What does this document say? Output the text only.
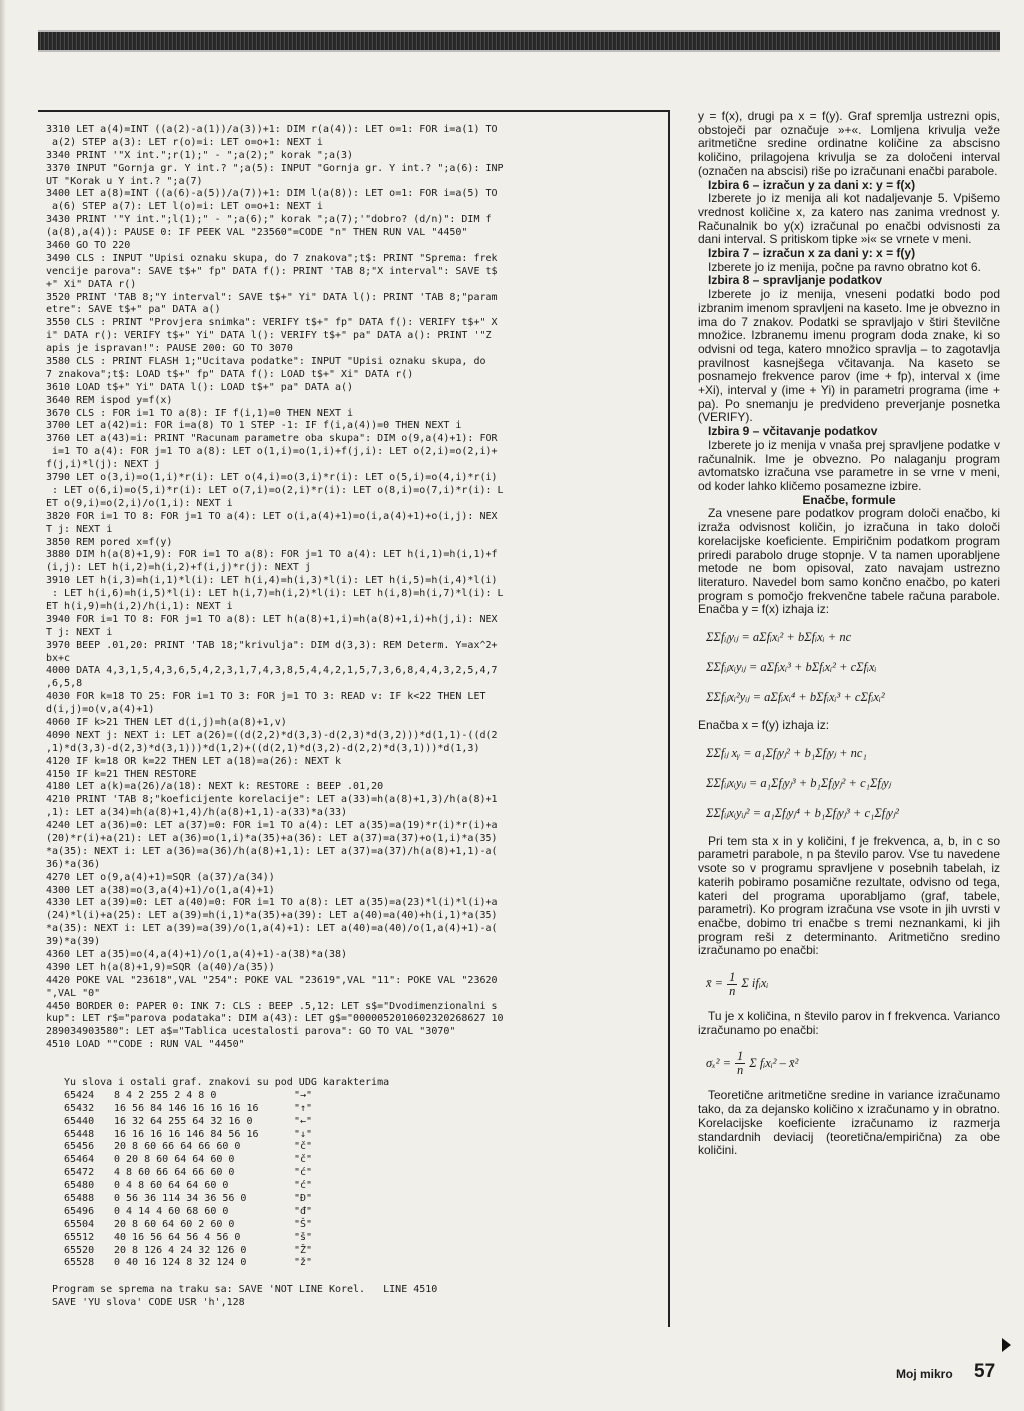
3310 LET a(4)=INT ((a(2)-a(1))/a(3))+1: DIM r(a(4)): LET o=1: FOR i=a(1) TO
a(2) STEP a(3): LET r(o)=i: LET o=o+1: NEXT i
3340 PRINT '"X int.";r(1);" - ";a(2);" korak ";a(3)
3370 INPUT "Gornja gr. Y int.? ";a(5): INPUT "Gornja gr. Y int.? ";a(6): INP
UT "Korak u Y int.? ";a(7)
3400 LET a(8)=INT ((a(6)-a(5))/a(7))+1: DIM l(a(8)): LET o=1: FOR i=a(5) TO
a(6) STEP a(7): LET l(o)=i: LET o=o+1: NEXT i
3430 PRINT '"Y int.";l(1);" - ";a(6);" korak ";a(7);'"dobro? (d/n)": DIM f
(a(8),a(4)): PAUSE 0: IF PEEK VAL "23560"=CODE "n" THEN RUN VAL "4450"
3460 GO TO 220
3490 CLS : INPUT "Upisi oznaku skupa, do 7 znakova";t$: PRINT "Sprema: frek
vencije parova": SAVE t$+" fp" DATA f(): PRINT 'TAB 8;"X interval": SAVE t$
+" Xi" DATA r()
3520 PRINT 'TAB 8;"Y interval": SAVE t$+" Yi" DATA l(): PRINT 'TAB 8;"param
etre": SAVE t$+" pa" DATA a()
3550 CLS : PRINT "Provjera snimka": VERIFY t$+" fp" DATA f(): VERIFY t$+" X
i" DATA r(): VERIFY t$+" Yi" DATA l(): VERIFY t$+" pa" DATA a(): PRINT '"Z
apis je ispravan!": PAUSE 200: GO TO 3070
3580 CLS : PRINT FLASH 1;"Ucitava podatke": INPUT "Upisi oznaku skupa, do
7 znakova";t$: LOAD t$+" fp" DATA f(): LOAD t$+" Xi" DATA r()
3610 LOAD t$+" Yi" DATA l(): LOAD t$+" pa" DATA a()
3640 REM ispod y=f(x)
3670 CLS : FOR i=1 TO a(8): IF f(i,1)=0 THEN NEXT i
3700 LET a(42)=i: FOR i=a(8) TO 1 STEP -1: IF f(i,a(4))=0 THEN NEXT i
3760 LET a(43)=i: PRINT "Racunam parametre oba skupa": DIM o(9,a(4)+1): FOR
i=1 TO a(4): FOR j=1 TO a(8): LET o(1,i)=o(1,i)+f(j,i): LET o(2,i)=o(2,i)+
f(j,i)*l(j): NEXT j
3790 LET o(3,i)=o(1,i)*r(i): LET o(4,i)=o(3,i)*r(i): LET o(5,i)=o(4,i)*r(i)
: LET o(6,i)=o(5,i)*r(i): LET o(7,i)=o(2,i)*r(i): LET o(8,i)=o(7,i)*r(i): L
ET o(9,i)=o(2,i)/o(1,i): NEXT i
3820 FOR i=1 TO 8: FOR j=1 TO a(4): LET o(i,a(4)+1)=o(i,a(4)+1)+o(i,j): NEX
T j: NEXT i
3850 REM pored x=f(y)
3880 DIM h(a(8)+1,9): FOR i=1 TO a(8): FOR j=1 TO a(4): LET h(i,1)=h(i,1)+f
(i,j): LET h(i,2)=h(i,2)+f(i,j)*r(j): NEXT j
3910 LET h(i,3)=h(i,1)*l(i): LET h(i,4)=h(i,3)*l(i): LET h(i,5)=h(i,4)*l(i)
: LET h(i,6)=h(i,5)*l(i): LET h(i,7)=h(i,2)*l(i): LET h(i,8)=h(i,7)*l(i): L
ET h(i,9)=h(i,2)/h(i,1): NEXT i
3940 FOR i=1 TO 8: FOR j=1 TO a(8): LET h(a(8)+1,i)=h(a(8)+1,i)+h(j,i): NEX
T j: NEXT i
3970 BEEP .01,20: PRINT 'TAB 18;"krivulja": DIM d(3,3): REM Determ. Y=ax^2+
bx+c
4000 DATA 4,3,1,5,4,3,6,5,4,2,3,1,7,4,3,8,5,4,4,2,1,5,7,3,6,8,4,4,3,2,5,4,7
,6,5,8
4030 FOR k=18 TO 25: FOR i=1 TO 3: FOR j=1 TO 3: READ v: IF k<22 THEN LET
d(i,j)=o(v,a(4)+1)
4060 IF k>21 THEN LET d(i,j)=h(a(8)+1,v)
4090 NEXT j: NEXT i: LET a(26)=((d(2,2)*d(3,3)-d(2,3)*d(3,2)))*d(1,1)-((d(2
,1)*d(3,3)-d(2,3)*d(3,1)))*d(1,2)+((d(2,1)*d(3,2)-d(2,2)*d(3,1)))*d(1,3)
4120 IF k=18 OR k=22 THEN LET a(18)=a(26): NEXT k
4150 IF k=21 THEN RESTORE
4180 LET a(k)=a(26)/a(18): NEXT k: RESTORE : BEEP .01,20
4210 PRINT 'TAB 8;"koeficijente korelacije": LET a(33)=h(a(8)+1,3)/h(a(8)+1
,1): LET a(34)=h(a(8)+1,4)/h(a(8)+1,1)-a(33)*a(33)
4240 LET a(36)=0: LET a(37)=0: FOR i=1 TO a(4): LET a(35)=a(19)*r(i)*r(i)+a
(20)*r(i)+a(21): LET a(36)=o(1,i)*a(35)+a(36): LET a(37)=a(37)+o(1,i)*a(35)
*a(35): NEXT i: LET a(36)=a(36)/h(a(8)+1,1): LET a(37)=a(37)/h(a(8)+1,1)-a(
36)*a(36)
4270 LET o(9,a(4)+1)=SQR (a(37)/a(34))
4300 LET a(38)=o(3,a(4)+1)/o(1,a(4)+1)
4330 LET a(39)=0: LET a(40)=0: FOR i=1 TO a(8): LET a(35)=a(23)*l(i)*l(i)+a
(24)*l(i)+a(25): LET a(39)=h(i,1)*a(35)+a(39): LET a(40)=a(40)+h(i,1)*a(35)
*a(35): NEXT i: LET a(39)=a(39)/o(1,a(4)+1): LET a(40)=a(40)/o(1,a(4)+1)-a(
39)*a(39)
4360 LET a(35)=o(4,a(4)+1)/o(1,a(4)+1)-a(38)*a(38)
4390 LET h(a(8)+1,9)=SQR (a(40)/a(35))
4420 POKE VAL "23618",VAL "254": POKE VAL "23619",VAL "11": POKE VAL "23620
",VAL "0"
4450 BORDER 0: PAPER 0: INK 7: CLS : BEEP .5,12: LET s$="Dvodimenzionalni s
kup": LET r$="parova podataka": DIM a(43): LET g$="0000052010602320268627 10
289034903580": LET a$="Tablica ucestalosti parova": GO TO VAL "3070"
4510 LOAD ""CODE : RUN VAL "4450"
Yu slova i ostali graf. znakovi su pod UDG karakterima
65424	8 4 2 255 2 4 8 0	"→"
65432	16 56 84 146 16 16 16 16	"↑"
65440	16 32 64 255 64 32 16 0	"←"
65448	16 16 16 16 146 84 56 16	"↓"
65456	20 8 60 66 64 66 60 0	"č"
65464	0 20 8 60 64 64 60 0	"č"
65472	4 8 60 66 64 66 60 0	"ć"
65480	0 4 8 60 64 64 60 0	"ć"
65488	0 56 36 114 34 36 56 0	"Đ"
65496	0 4 14 4 60 68 60 0	"đ"
65504	20 8 60 64 60 2 60 0	"Š"
65512	40 16 56 64 56 4 56 0	"š"
65520	20 8 126 4 24 32 126 0	"Ž"
65528	0 40 16 124 8 32 124 0	"ž"
Program se sprema na traku sa: SAVE 'NOT LINE Korel.   LINE 4510
SAVE 'YU slova' CODE USR 'h',128

y = f(x), drugi pa x = f(y). Graf spremlja ustrezni opis, obstoječi par označuje »+«. Lomljena krivulja veže aritmetične sredine ordinatne količine za abscisno količino, prilagojena krivulja se za določeni interval (označen na abscisi) riše po izračunani enačbi parabole.

Izbira 6 – izračun y za dani x: y = f(x)

Izberete jo iz menija ali kot nadaljevanje 5. Vpišemo vrednost količine x, za katero nas zanima vrednost y. Računalnik bo y(x) izračunal po enačbi odvisnosti za dani interval. S pritiskom tipke »i« se vrnete v meni.

Izbira 7 – izračun x za dani y: x = f(y)

Izberete jo iz menija, počne pa ravno obratno kot 6.

Izbira 8 – spravljanje podatkov

Izberete jo iz menija, vneseni podatki bodo pod izbranim imenom spravljeni na kaseto. Ime je obvezno in ima do 7 znakov. Podatki se spravljajo v štiri številčne množice. Izbranemu imenu program doda znake, ki so odvisni od tega, katero množico spravlja – to zagotavlja pravilnost kasnejšega včitavanja. Na kaseto se posnamejo frekvence parov (ime + fp), interval x (ime +Xi), interval y (ime + Yi) in parametri programa (ime + pa). Po snemanju je predvideno preverjanje posnetka (VERIFY).

Izbira 9 – včitavanje podatkov

Izberete jo iz menija v vnaša prej spravljene podatke v računalnik. Ime je obvezno. Po nalaganju program avtomatsko izračuna vse parametre in se vrne v meni, od koder lahko kličemo posamezne izbire.

Enačbe, formule

Za vnesene pare podatkov program določi enačbo, ki izraža odvisnost količin, jo izračuna in tako določi korelacijske koeficiente. Empiričnim podatkom program priredi parabolo druge stopnje. V ta namen uporabljene metode ne bom opisoval, zato navajam ustrezno literaturo. Navedel bom samo končno enačbo, po kateri program s pomočjo frekvenčne tabele računa parabole. Enačba y = f(x) izhaja iz:

ΣΣfᵢⱼyᵢⱼ = aΣfᵢxᵢ² + bΣfᵢxᵢ + nc
ΣΣfᵢⱼxᵢyᵢⱼ = aΣfᵢxᵢ³ + bΣfᵢxᵢ² + cΣfᵢxᵢ
ΣΣfᵢⱼxᵢ²yᵢⱼ = aΣfᵢxᵢ⁴ + bΣfᵢxᵢ³ + cΣfᵢxᵢ²

Enačba x = f(y) izhaja iz:

ΣΣfᵢⱼ xᵧ = a₁Σfⱼyⱼ² + b₁Σfⱼyⱼ + nc₁
ΣΣfᵢⱼxᵢyᵢⱼ = a₁Σfⱼyⱼ³ + b₁Σfⱼyⱼ² + c₁Σfⱼyⱼ
ΣΣfᵢⱼxᵢyᵢⱼ² = a₁Σfⱼyⱼ⁴ + b₁Σfⱼyⱼ³ + c₁Σfⱼyⱼ²

Pri tem sta x in y količini, f je frekvenca, a, b, in c so parametri parabole, n pa število parov. Vse tu navedene vsote so v programu spravljene v posebnih tabelah, iz katerih pobiramo posamične rezultate, odvisno od tega, kateri del programa uporabljamo (graf, tabele, parametri). Ko program izračuna vse vsote in jih uvrsti v enačbe, dobimo tri enačbe s tremi neznankami, ki jih program reši z determinanto. Aritmetično sredino izračunamo po enačbi:

x̄ = $\frac{1}{n}$ Σ ifᵢxᵢ

Tu je x količina, n število parov in f frekvenca. Varianco izračunamo po enačbi:

$\sigma_x^2 = \frac{1}{n}$ Σ fᵢxᵢ² – x̄²

Teoretične aritmetične sredine in variance izračunamo tako, da za dejansko količino x izračunamo y in obratno. Korelacijske koeficiente izračunamo iz razmerja standardnih deviacij (teoretična/empirična) za obe količini.

Moj mikro 57
